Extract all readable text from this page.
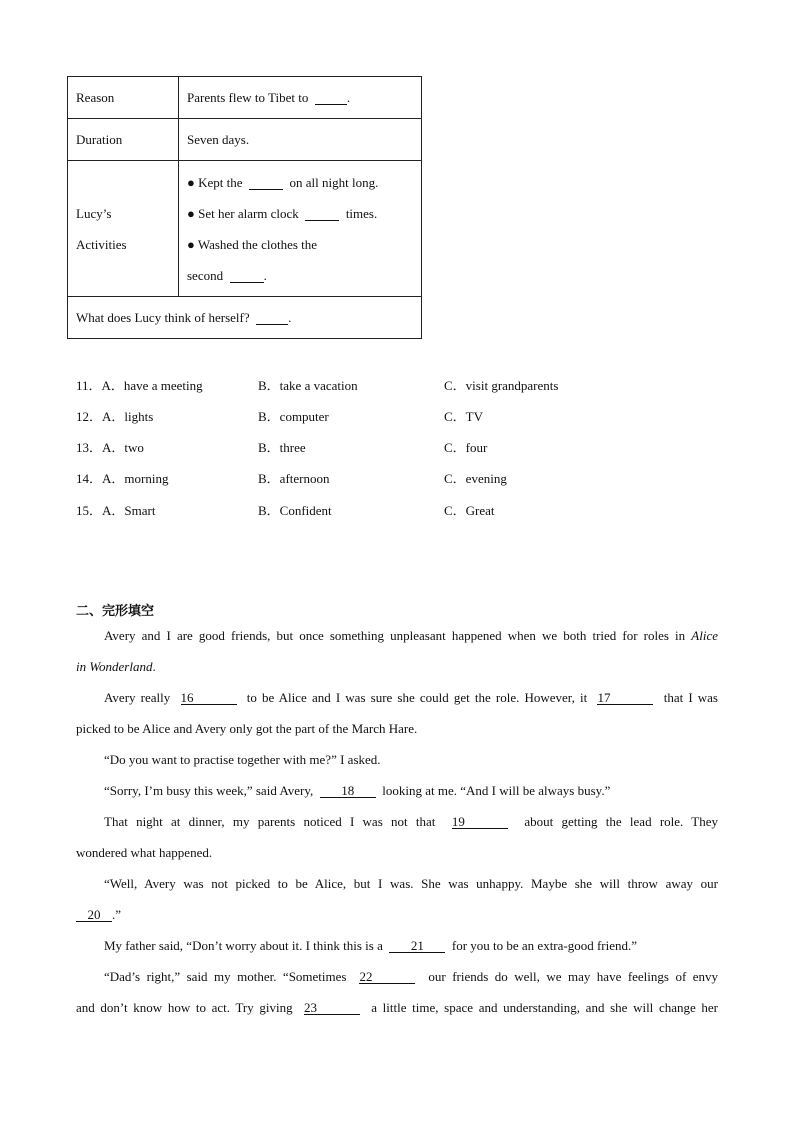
Reason	Parents flew to Tibet to .
Duration	Seven days.

Lucy’s
Activities	● Kept the on all night long.
● Set her alarm clock times.
● Washed the clothes the
second .

What does Lucy think of herself? .	
11．A．have a meeting	B．take a vacation	C．visit grandparents
12．A．lights	B．computer	C．TV
13．A．two	B．three	C．four
14．A．morning	B．afternoon	C．evening
15．A．Smart	B．Confident	C．Great
二、完形填空
Avery and I are good friends, but once something unpleasant happened when we both tried for roles in Alice
in Wonderland.
Avery really 16	to be Alice and I was sure she could get the role. However, it 17	that I was
picked to be Alice and Avery only got the part of the March Hare.
“Do you want to practise together with me?” I asked.
“Sorry, I’m busy this week,” said Avery, 18 looking at me. “And I will be always busy.”
That night at dinner, my parents noticed I was not that 19	about getting the lead role. They
wondered what happened.
“Well, Avery was not picked to be Alice, but I was. She was unhappy. Maybe she will throw away our
20 .”
My father said, “Don’t worry about it. I think this is a 21 for you to be an extra-good friend.”
“Dad’s right,” said my mother. “Sometimes 22	our friends do well, we may have feelings of envy
and don’t know how to act. Try giving 23	a little time, space and understanding, and she will change her
